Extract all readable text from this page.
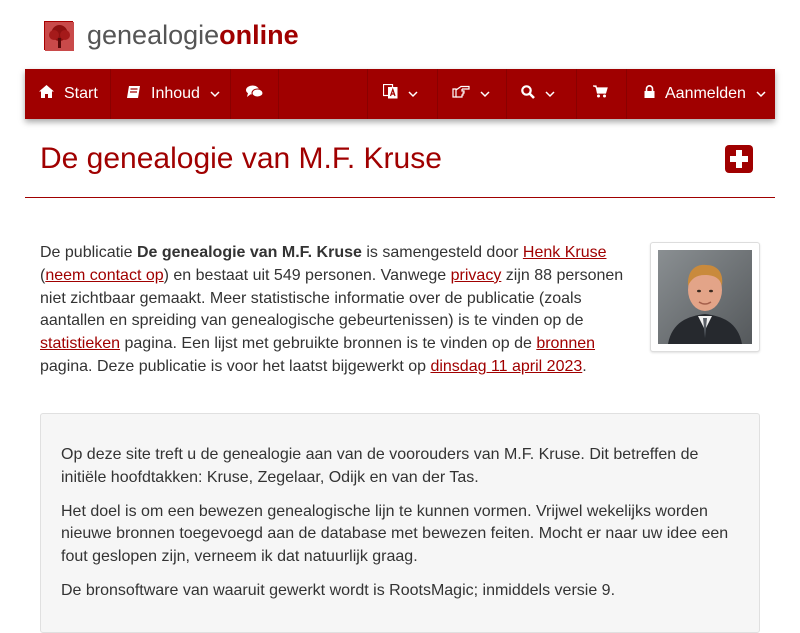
genealogieonline
Start	Inhoud	Aanmelden
De genealogie van M.F. Kruse
De publicatie De genealogie van M.F. Kruse is samengesteld door Henk Kruse
(neem contact op) en bestaat uit 549 personen. Vanwege privacy zijn 88 personen niet zichtbaar gemaakt. Meer statistische informatie over de publicatie (zoals aantallen en spreiding van genealogische gebeurtenissen) is te vinden op de statistieken pagina. Een lijst met gebruikte bronnen is te vinden op de bronnen pagina. Deze publicatie is voor het laatst bijgewerkt op dinsdag 11 april 2023.

Op deze site treft u de genealogie aan van de voorouders van M.F. Kruse. Dit betreffen de initiële hoofdtakken: Kruse, Zegelaar, Odijk en van der Tas.

Het doel is om een bewezen genealogische lijn te kunnen vormen. Vrijwel wekelijks worden nieuwe bronnen toegevoegd aan de database met bewezen feiten. Mocht er naar uw idee een fout geslopen zijn, verneem ik dat natuurlijk graag.

De bronsoftware van waaruit gewerkt wordt is RootsMagic; inmiddels versie 9.
